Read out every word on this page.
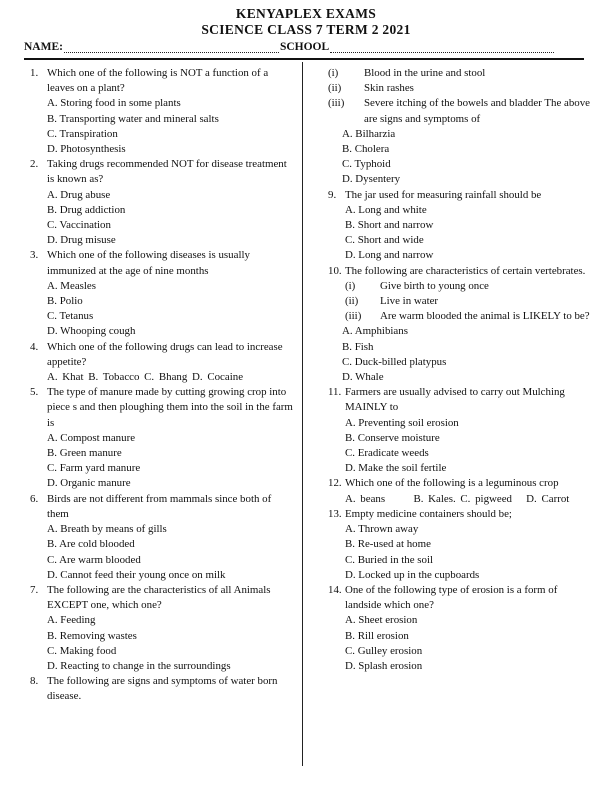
KENYAPLEX EXAMS
SCIENCE CLASS 7 TERM 2 2021
NAME:	SCHOOL
1. Which one of the following is NOT a function of a leaves on a plant?
A. Storing food in some plants
B. Transporting water and mineral salts
C. Transpiration
D. Photosynthesis
2. Taking drugs recommended NOT for disease treatment is known as?
A. Drug abuse
B. Drug addiction
C. Vaccination
D. Drug misuse
3. Which one of the following diseases is usually immunized at the age of nine months
A. Measles
B. Polio
C. Tetanus
D. Whooping cough
4. Which one of the following drugs can lead to increase appetite?
A. Khat B. Tobacco C. Bhang D. Cocaine
5. The type of manure made by cutting growing crop into piece s and then ploughing them into the soil in the farm is
A. Compost manure
B. Green manure
C. Farm yard manure
D. Organic manure
6. Birds are not different from mammals since both of them
A. Breath by means of gills
B. Are cold blooded
C. Are warm blooded
D. Cannot feed their young once on milk
7. The following are the characteristics of all Animals EXCEPT one, which one?
A. Feeding
B. Removing wastes
C. Making food
D. Reacting to change in the surroundings
8. The following are signs and symptoms of water born disease.
(i) Blood in the urine and stool
(ii) Skin rashes
(iii) Severe itching of the bowels and bladder The above are signs and symptoms of
A. Bilharzia
B. Cholera
C. Typhoid
D. Dysentery
9. The jar used for measuring rainfall should be
A. Long and white
B. Short and narrow
C. Short and wide
D. Long and narrow
10. The following are characteristics of certain vertebrates.
(i) Give birth to young once
(ii) Live in water
(iii) Are warm blooded the animal is LIKELY to be?
A. Amphibians
B. Fish
C. Duck-billed platypus
D. Whale
11. Farmers are usually advised to carry out Mulching MAINLY to
A. Preventing soil erosion
B. Conserve moisture
C. Eradicate weeds
D. Make the soil fertile
12. Which one of the following is a leguminous crop
A. beans      B. Kales. C. pigweed   D. Carrot
13. Empty medicine containers should be;
A. Thrown away
B. Re-used at home
C. Buried in the soil
D. Locked up in the cupboards
14. One of the following type of erosion is a form of landside which one?
A. Sheet erosion
B. Rill erosion
C. Gulley erosion
D. Splash erosion
